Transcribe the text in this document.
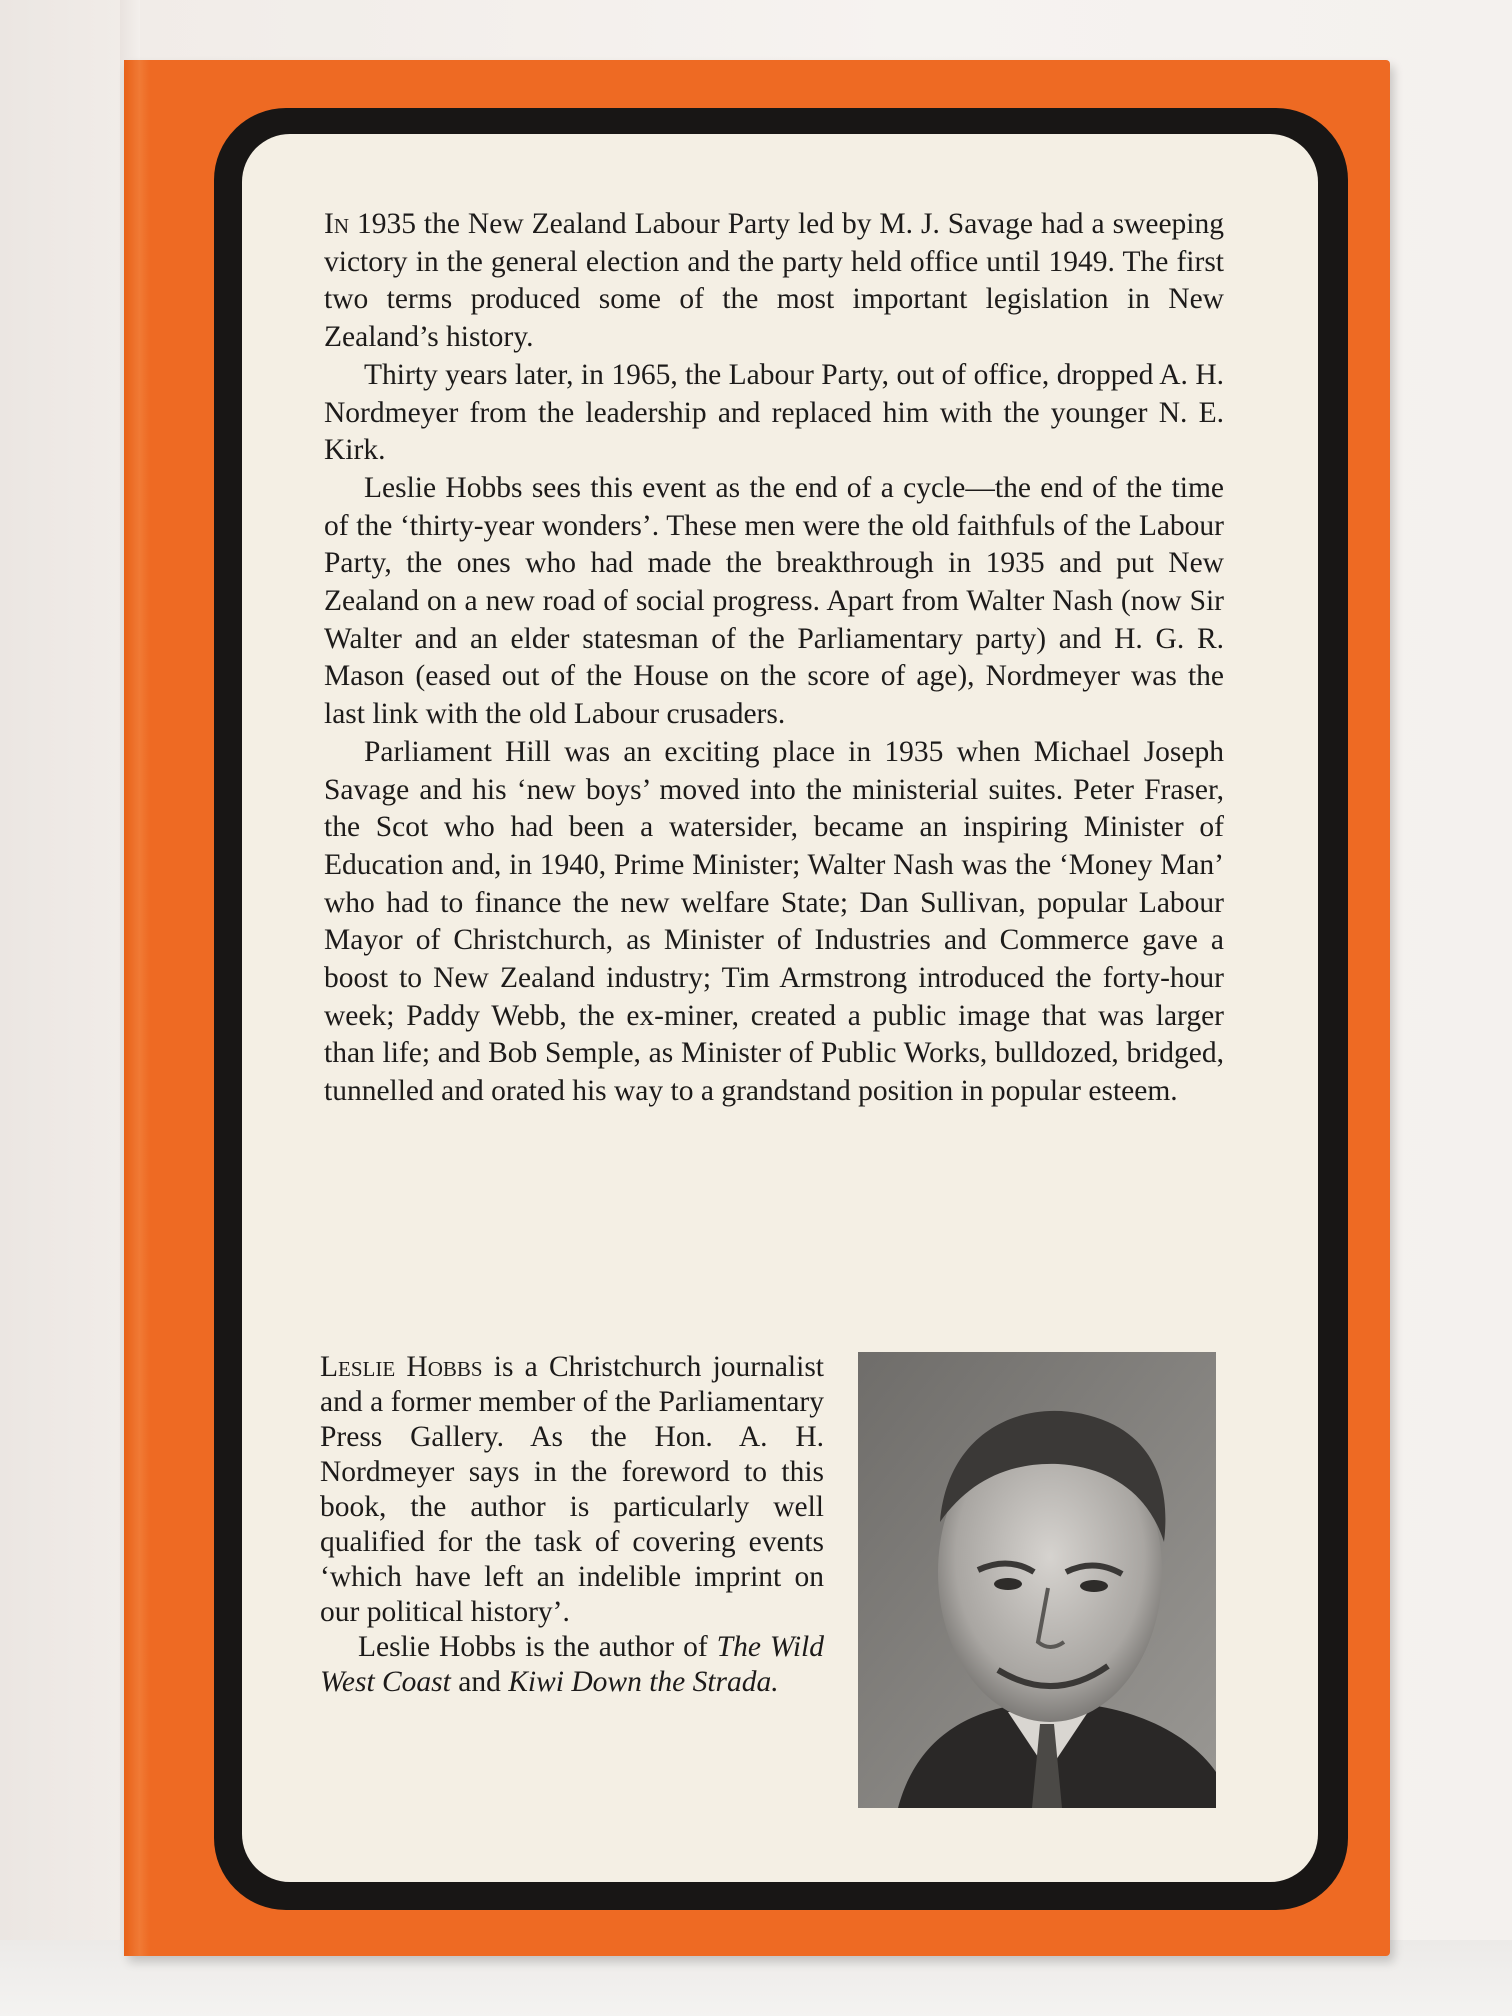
In 1935 the New Zealand Labour Party led by M. J. Savage had a sweeping victory in the general election and the party held office until 1949. The first two terms produced some of the most important legislation in New Zealand’s history.

Thirty years later, in 1965, the Labour Party, out of office, dropped A. H. Nordmeyer from the leadership and replaced him with the younger N. E. Kirk.

Leslie Hobbs sees this event as the end of a cycle—the end of the time of the ‘thirty-year wonders’. These men were the old faithfuls of the Labour Party, the ones who had made the breakthrough in 1935 and put New Zealand on a new road of social progress. Apart from Walter Nash (now Sir Walter and an elder statesman of the Parliamentary party) and H. G. R. Mason (eased out of the House on the score of age), Nordmeyer was the last link with the old Labour crusaders.

Parliament Hill was an exciting place in 1935 when Michael Joseph Savage and his ‘new boys’ moved into the ministerial suites. Peter Fraser, the Scot who had been a watersider, became an inspiring Minister of Education and, in 1940, Prime Minister; Walter Nash was the ‘Money Man’ who had to finance the new welfare State; Dan Sullivan, popular Labour Mayor of Christchurch, as Minister of Industries and Commerce gave a boost to New Zealand industry; Tim Armstrong introduced the forty-hour week; Paddy Webb, the ex-miner, created a public image that was larger than life; and Bob Semple, as Minister of Public Works, bulldozed, bridged, tunnelled and orated his way to a grandstand position in popular esteem.

Leslie Hobbs is a Christchurch journalist and a former member of the Parliamentary Press Gallery. As the Hon. A. H. Nordmeyer says in the foreword to this book, the author is particularly well qualified for the task of covering events ‘which have left an indelible imprint on our political history’.

Leslie Hobbs is the author of The Wild West Coast and Kiwi Down the Strada.
